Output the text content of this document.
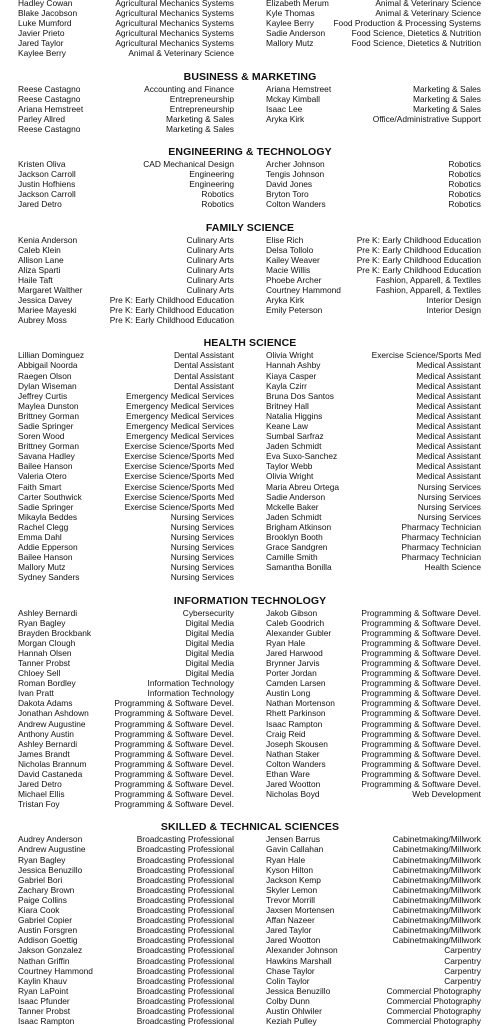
Hadley Cowan	Agricultural Mechanics Systems
Blake Jacobson	Agricultural Mechanics Systems
Luke Mumford	Agricultural Mechanics Systems
Javier Prieto	Agricultural Mechanics Systems
Jared Taylor	Agricultural Mechanics Systems
Kaylee Berry	Animal & Veterinary Science
Elizabeth Merum	Animal & Veterinary Science
Kyle Thomas	Animal & Veterinary Science
Kaylee Berry Food Production & Processing Systems
Sadie Anderson	Food Science, Dietetics & Nutrition
Mallory Mutz	Food Science, Dietetics & Nutrition
BUSINESS & MARKETING
Reese Castagno	Accounting and Finance
Reese Castagno	Entrepreneurship
Ariana Hemstreet	Entrepreneurship
Parley Allred	Marketing & Sales
Reese Castagno	Marketing & Sales
Ariana Hemstreet	Marketing & Sales
Mckay Kimball	Marketing & Sales
Isaac Lee	Marketing & Sales
Aryka Kirk	Office/Administrative Support
ENGINEERING & TECHNOLOGY
Kristen Oliva	CAD Mechanical Design
Jackson Carroll	Engineering
Justin Hofhiens	Engineering
Jackson Carroll	Robotics
Jared Detro	Robotics
Archer Johnson	Robotics
Tengis Johnson	Robotics
David Jones	Robotics
Bryton Toro	Robotics
Colton Wanders	Robotics
FAMILY SCIENCE
Kenia Anderson	Culinary Arts
Caleb Klein	Culinary Arts
Allison Lane	Culinary Arts
Aliza Sparti	Culinary Arts
Haile Taft	Culinary Arts
Margaret Walther	Culinary Arts
Jessica Davey	Pre K: Early Childhood Education
Mariee Mayeski	Pre K: Early Childhood Education
Aubrey Moss	Pre K: Early Childhood Education
Elise Rich	Pre K: Early Childhood Education
Delsa Tollolo	Pre K: Early Childhood Education
Kailey Weaver	Pre K: Early Childhood Education
Macie Willis	Pre K: Early Childhood Education
Phoebe Archer	Fashion, Apparell, & Textiles
Courtney Hammond	Fashion, Apparell, & Textiles
Aryka Kirk	Interior Design
Emily Peterson	Interior Design
HEALTH SCIENCE
Lillian Dominguez	Dental Assistant
Abbigail Noorda	Dental Assistant
Raegen Olson	Dental Assistant
Dylan Wiseman	Dental Assistant
Jeffrey Curtis	Emergency Medical Services
Maylea Dunston	Emergency Medical Services
Brittney Gorman	Emergency Medical Services
Sadie Springer	Emergency Medical Services
Soren Wood	Emergency Medical Services
Brittney Gorman	Exercise Science/Sports Med
Savana Hadley	Exercise Science/Sports Med
Bailee Hanson	Exercise Science/Sports Med
Valeria Otero	Exercise Science/Sports Med
Faith Smart	Exercise Science/Sports Med
Carter Southwick	Exercise Science/Sports Med
Sadie Springer	Exercise Science/Sports Med
Mikayla Beddes	Nursing Services
Rachel Clegg	Nursing Services
Emma Dahl	Nursing Services
Addie Epperson	Nursing Services
Bailee Hanson	Nursing Services
Mallory Mutz	Nursing Services
Sydney Sanders	Nursing Services
Olivia Wright	Exercise Science/Sports Med
Hannah Ashby	Medical Assistant
Kiaya Casper	Medical Assistant
Kayla Czirr	Medical Assistant
Bruna Dos Santos	Medical Assistant
Britney Hall	Medical Assistant
Natalia Higgins	Medical Assistant
Keane Law	Medical Assistant
Sumbal Sarfraz	Medical Assistant
Jaden Schmidt	Medical Assistant
Eva Suxo-Sanchez	Medical Assistant
Taylor Webb	Medical Assistant
Olivia Wright	Medical Assistant
Maria Abreu Ortega	Nursing Services
Sadie Anderson	Nursing Services
Mckelle Baker	Nursing Services
Jaden Schmidt	Nursing Services
Brigham Atkinson	Pharmacy Technician
Brooklyn Booth	Pharmacy Technician
Grace Sandgren	Pharmacy Technician
Camille Smith	Pharmacy Technician
Samantha Bonilla	Health Science
INFORMATION TECHNOLOGY
Ashley Bernardi	Cybersecurity
Ryan Bagley	Digital Media
Brayden Brockbank	Digital Media
Morgan Clough	Digital Media
Hannah Olsen	Digital Media
Tanner Probst	Digital Media
Chloey Sell	Digital Media
Roman Bordley	Information Technology
Ivan Pratt	Information Technology
Dakota Adams	Programming & Software Devel.
Jonathan Ashdown	Programming & Software Devel.
Andrew Augustine	Programming & Software Devel.
Anthony Austin	Programming & Software Devel.
Ashley Bernardi	Programming & Software Devel.
James Brandt	Programming & Software Devel.
Nicholas Brannum	Programming & Software Devel.
David Castaneda	Programming & Software Devel.
Jared Detro	Programming & Software Devel.
Michael Ellis	Programming & Software Devel.
Tristan Foy	Programming & Software Devel.
Jakob Gibson	Programming & Software Devel.
Caleb Goodrich	Programming & Software Devel.
Alexander Gubler	Programming & Software Devel.
Ryan Hale	Programming & Software Devel.
Jared Harwood	Programming & Software Devel.
Brynner Jarvis	Programming & Software Devel.
Porter Jordan	Programming & Software Devel.
Camden Larsen	Programming & Software Devel.
Austin Long	Programming & Software Devel.
Nathan Mortenson	Programming & Software Devel.
Rhett Parkinson	Programming & Software Devel.
Isaac Rampton	Programming & Software Devel.
Craig Reid	Programming & Software Devel.
Joseph Skousen	Programming & Software Devel.
Nathan Staker	Programming & Software Devel.
Colton Wanders	Programming & Software Devel.
Ethan Ware	Programming & Software Devel.
Jared Wootton	Programming & Software Devel.
Nicholas Boyd	Web Development
SKILLED & TECHNICAL SCIENCES
Audrey Anderson	Broadcasting Professional
Andrew Augustine	Broadcasting Professional
Ryan Bagley	Broadcasting Professional
Jessica Benuzillo	Broadcasting Professional
Gabriel Bori	Broadcasting Professional
Zachary Brown	Broadcasting Professional
Paige Collins	Broadcasting Professional
Kiara Cook	Broadcasting Professional
Gabriel Copier	Broadcasting Professional
Austin Forsgren	Broadcasting Professional
Addison Goettig	Broadcasting Professional
Jakson Gonzalez	Broadcasting Professional
Nathan Griffin	Broadcasting Professional
Courtney Hammond	Broadcasting Professional
Kaylin Khauv	Broadcasting Professional
Ryan LaPoint	Broadcasting Professional
Isaac Pfunder	Broadcasting Professional
Tanner Probst	Broadcasting Professional
Isaac Rampton	Broadcasting Professional
Jensen Barrus	Cabinetmaking/Millwork
Gavin Callahan	Cabinetmaking/Millwork
Ryan Hale	Cabinetmaking/Millwork
Kyson Hilton	Cabinetmaking/Millwork
Jackson Kemp	Cabinetmaking/Millwork
Skyler Lemon	Cabinetmaking/Millwork
Trevor Morrill	Cabinetmaking/Millwork
Jaxsen Mortensen	Cabinetmaking/Millwork
Affan Nazeer	Cabinetmaking/Millwork
Jared Taylor	Cabinetmaking/Millwork
Jared Wootton	Cabinetmaking/Millwork
Alexander Johnson	Carpentry
Hawkins Marshall	Carpentry
Chase Taylor	Carpentry
Colin Taylor	Carpentry
Jessica Benuzillo	Commercial Photography
Colby Dunn	Commercial Photography
Austin Ohlwiler	Commercial Photography
Keziah Pulley	Commercial Photography
